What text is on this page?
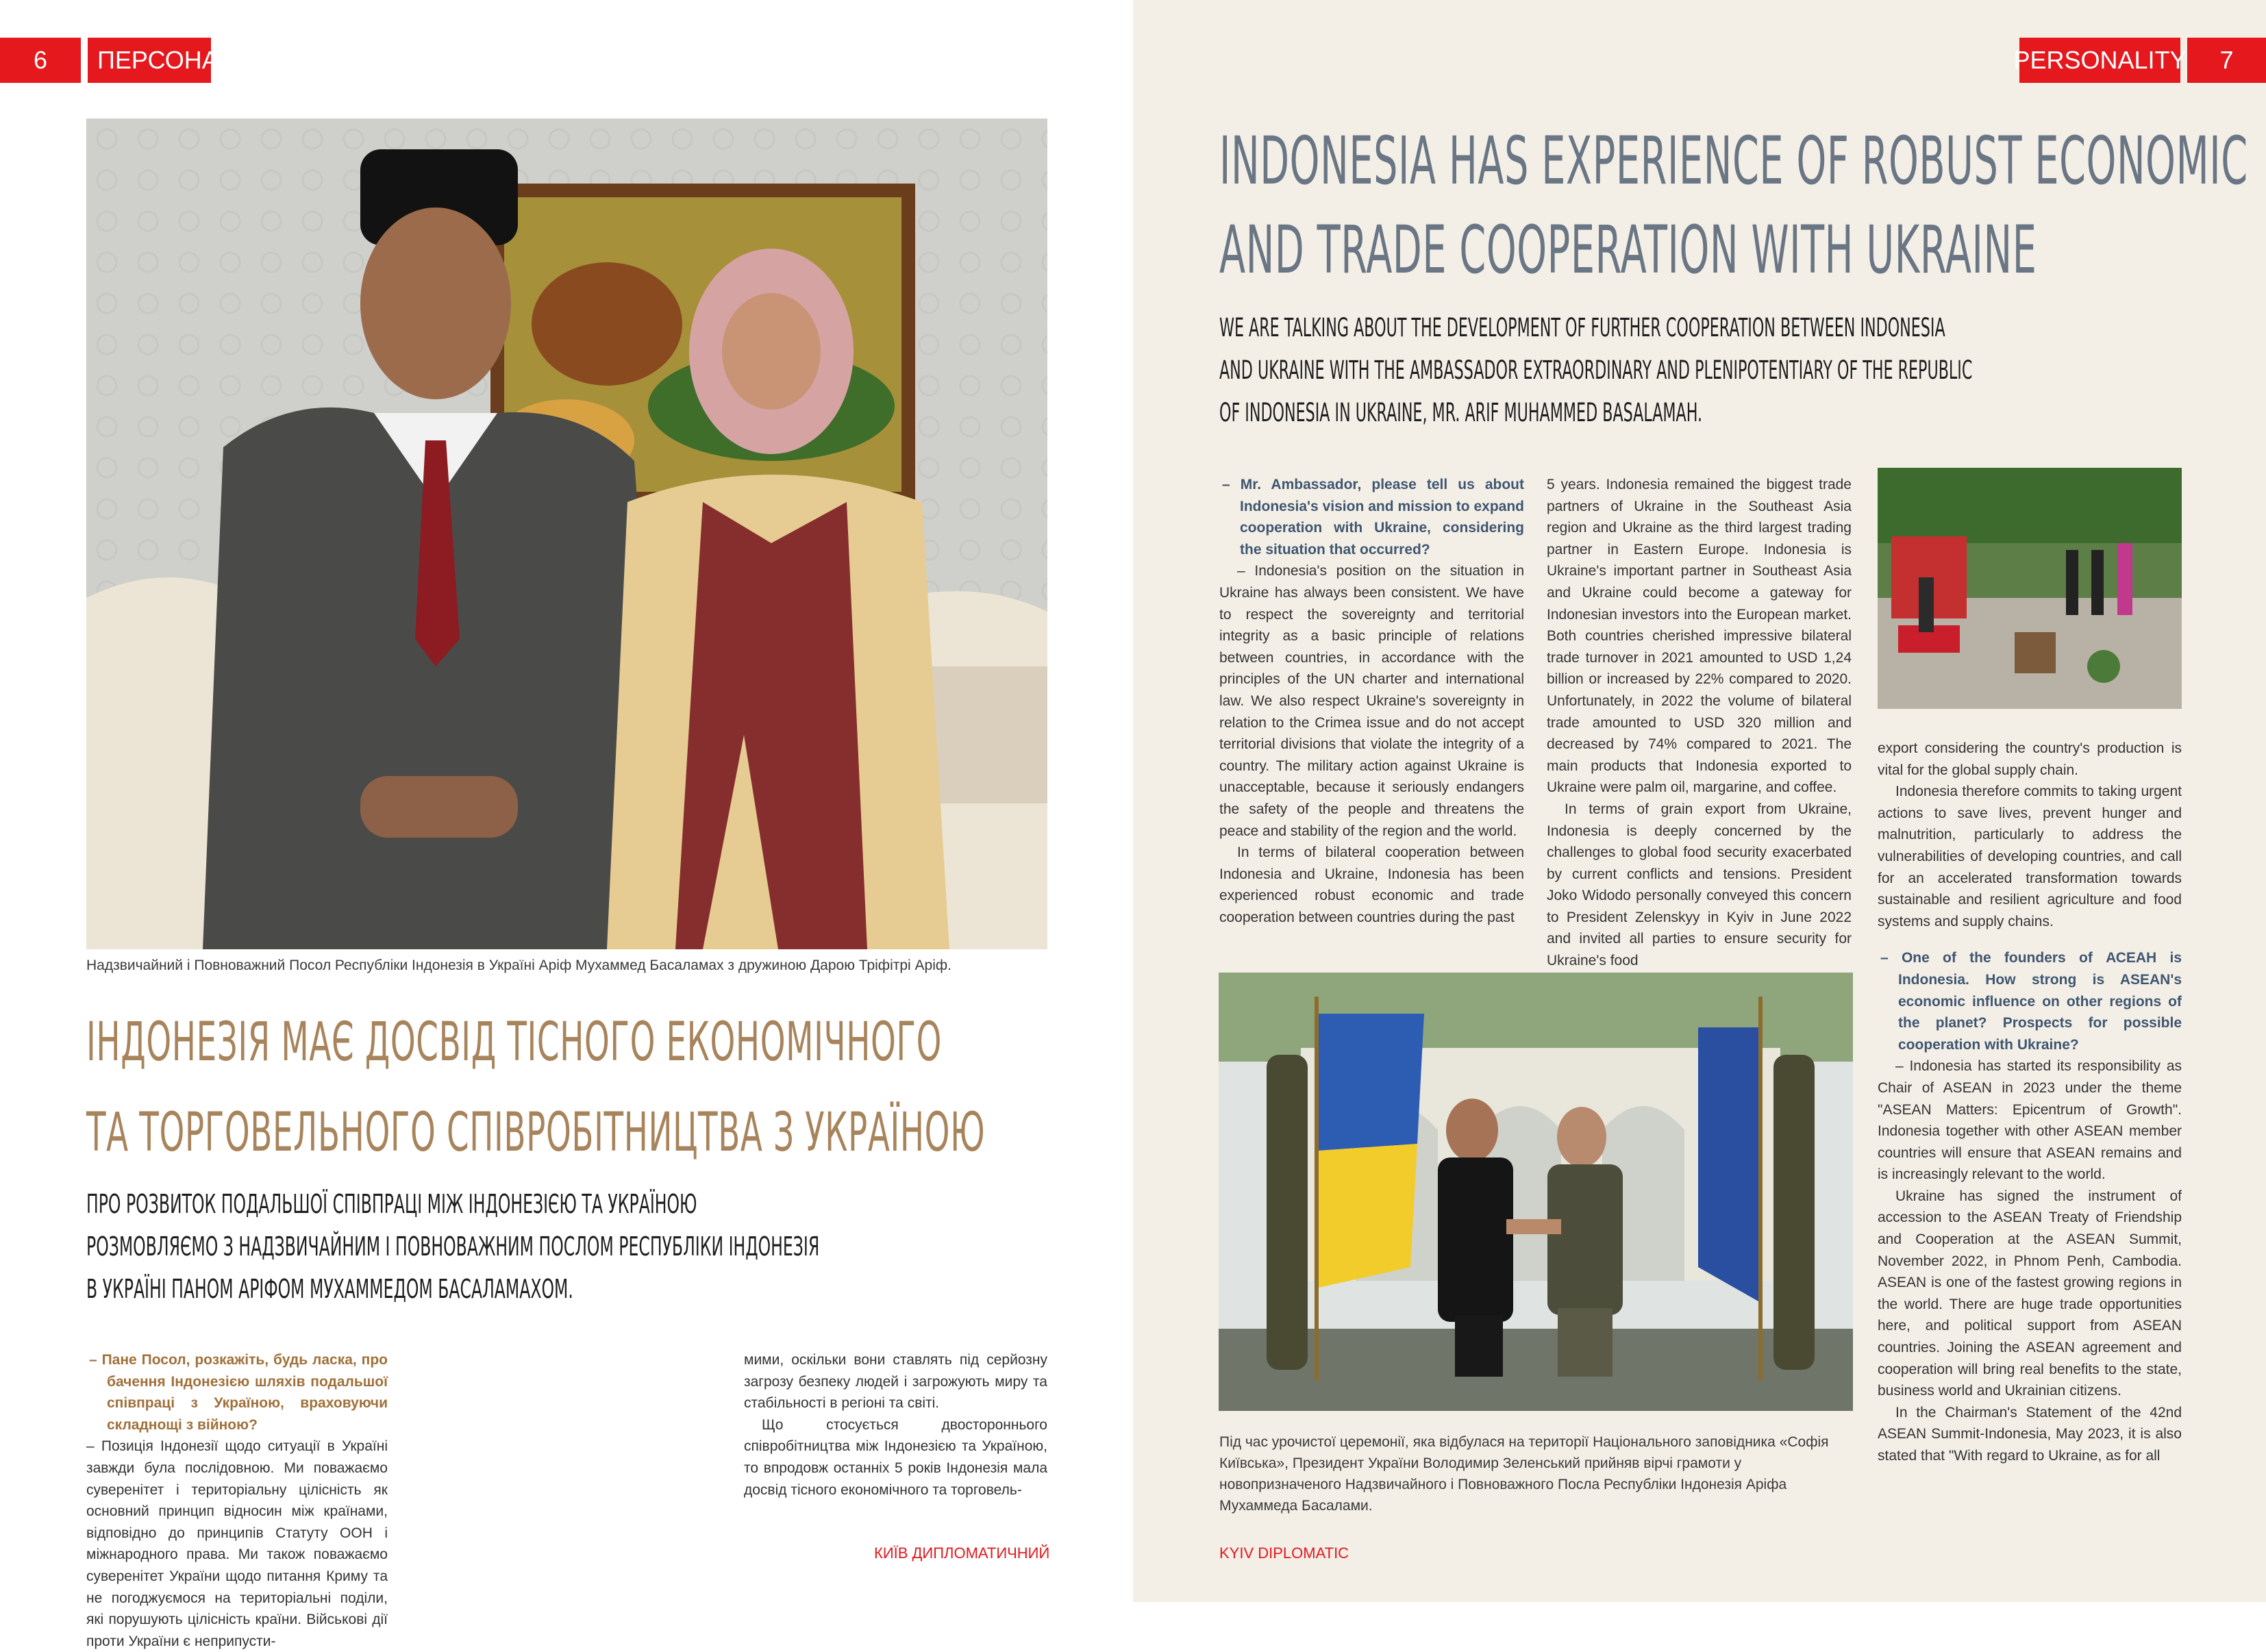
6	ПЕРСОНА
Надзвичайний і Повноважний Посол Республіки Індонезія в Україні Аріф Мухаммед Басаламах з дружиною Дарою Тріфітрі Аріф.
ІНДОНЕЗІЯ МАЄ ДОСВІД ТІСНОГО ЕКОНОМІЧНОГО
ТА ТОРГОВЕЛЬНОГО СПІВРОБІТНИЦТВА З УКРАЇНОЮ
ПРО РОЗВИТОК ПОДАЛЬШОЇ СПІВПРАЦІ МІЖ ІНДОНЕЗІЄЮ ТА УКРАЇНОЮ
РОЗМОВЛЯЄМО З НАДЗВИЧАЙНИМ І ПОВНОВАЖНИМ ПОСЛОМ РЕСПУБЛІКИ ІНДОНЕЗІЯ
В УКРАЇНІ ПАНОМ АРІФОМ МУХАММЕДОМ БАСАЛАМАХОМ.
– Пане Посол, розкажіть, будь ласка, про бачення Індонезією шляхів подальшої співпраці з Україною, враховуючи складнощі з війною?

– Позиція Індонезії щодо ситуації в Україні завжди була послідовною. Ми поважаємо суверенітет і територіальну цілісність як основний принцип відносин між країнами, відповідно до принципів Статуту ООН і міжнародного права. Ми також поважаємо суверенітет України щодо питання Криму та не погоджуємося на територіальні поділи, які порушують цілісність країни. Військові дії проти України є неприпусти-

мими, оскільки вони ставлять під серйозну загрозу безпеку людей і загрожують миру та стабільності в регіоні та світі.

Що стосується двостороннього співробітництва між Індонезією та Україною, то впродовж останніх 5 років Індонезія мала досвід тісного економічного та торговель-

КИЇВ ДИПЛОМАТИЧНИЙ
PERSONALITY	7
INDONESIA HAS EXPERIENCE OF ROBUST ECONOMIC
AND TRADE COOPERATION WITH UKRAINE
WE ARE TALKING ABOUT THE DEVELOPMENT OF FURTHER COOPERATION BETWEEN INDONESIA
AND UKRAINE WITH THE AMBASSADOR EXTRAORDINARY AND PLENIPOTENTIARY OF THE REPUBLIC
OF INDONESIA IN UKRAINE, MR. ARIF MUHAMMED BASALAMAH.
– Mr. Ambassador, please tell us about Indonesia's vision and mission to expand cooperation with Ukraine, considering the situation that occurred?

– Indonesia's position on the situation in Ukraine has always been consistent. We have to respect the sovereignty and territorial integrity as a basic principle of relations between countries, in accordance with the principles of the UN charter and international law. We also respect Ukraine's sovereignty in relation to the Crimea issue and do not accept territorial divisions that violate the integrity of a country. The military action against Ukraine is unacceptable, because it seriously endangers the safety of the people and threatens the peace and stability of the region and the world.

In terms of bilateral cooperation between Indonesia and Ukraine, Indonesia has been experienced robust economic and trade cooperation between countries during the past

5 years. Indonesia remained the biggest trade partners of Ukraine in the Southeast Asia region and Ukraine as the third largest trading partner in Eastern Europe. Indonesia is Ukraine's important partner in Southeast Asia and Ukraine could become a gateway for Indonesian investors into the European market. Both countries cherished impressive bilateral trade turnover in 2021 amounted to USD 1,24 billion or increased by 22% compared to 2020. Unfortunately, in 2022 the volume of bilateral trade amounted to USD 320 million and decreased by 74% compared to 2021. The main products that Indonesia exported to Ukraine were palm oil, margarine, and coffee.

In terms of grain export from Ukraine, Indonesia is deeply concerned by the challenges to global food security exacerbated by current conflicts and tensions. President Joko Widodo personally conveyed this concern to President Zelenskyy in Kyiv in June 2022 and invited all parties to ensure security for Ukraine's food

export considering the country's production is vital for the global supply chain.

Indonesia therefore commits to taking urgent actions to save lives, prevent hunger and malnutrition, particularly to address the vulnerabilities of developing countries, and call for an accelerated transformation towards sustainable and resilient agriculture and food systems and supply chains.

– One of the founders of АСЕАН is Indonesia. How strong is ASEAN's economic influence on other regions of the planet? Prospects for possible cooperation with Ukraine?

– Indonesia has started its responsibility as Chair of ASEAN in 2023 under the theme "ASEAN Matters: Epicentrum of Growth". Indonesia together with other ASEAN member countries will ensure that ASEAN remains and is increasingly relevant to the world.

Ukraine has signed the instrument of accession to the ASEAN Treaty of Friendship and Cooperation at the ASEAN Summit, November 2022, in Phnom Penh, Cambodia. ASEAN is one of the fastest growing regions in the world. There are huge trade opportunities here, and political support from ASEAN countries. Joining the ASEAN agreement and cooperation will bring real benefits to the state, business world and Ukrainian citizens.

In the Chairman's Statement of the 42nd ASEAN Summit-Indonesia, May 2023, it is also stated that "With regard to Ukraine, as for all

Під час урочистої церемонії, яка відбулася на території Національного заповідника «Софія Київська», Президент України Володимир Зеленський прийняв вірчі грамоти у новопризначеного Надзвичайного і Повноважного Посла Республіки Індонезія Аріфа Мухаммеда Басалами.
KYIV DIPLOMATIC
